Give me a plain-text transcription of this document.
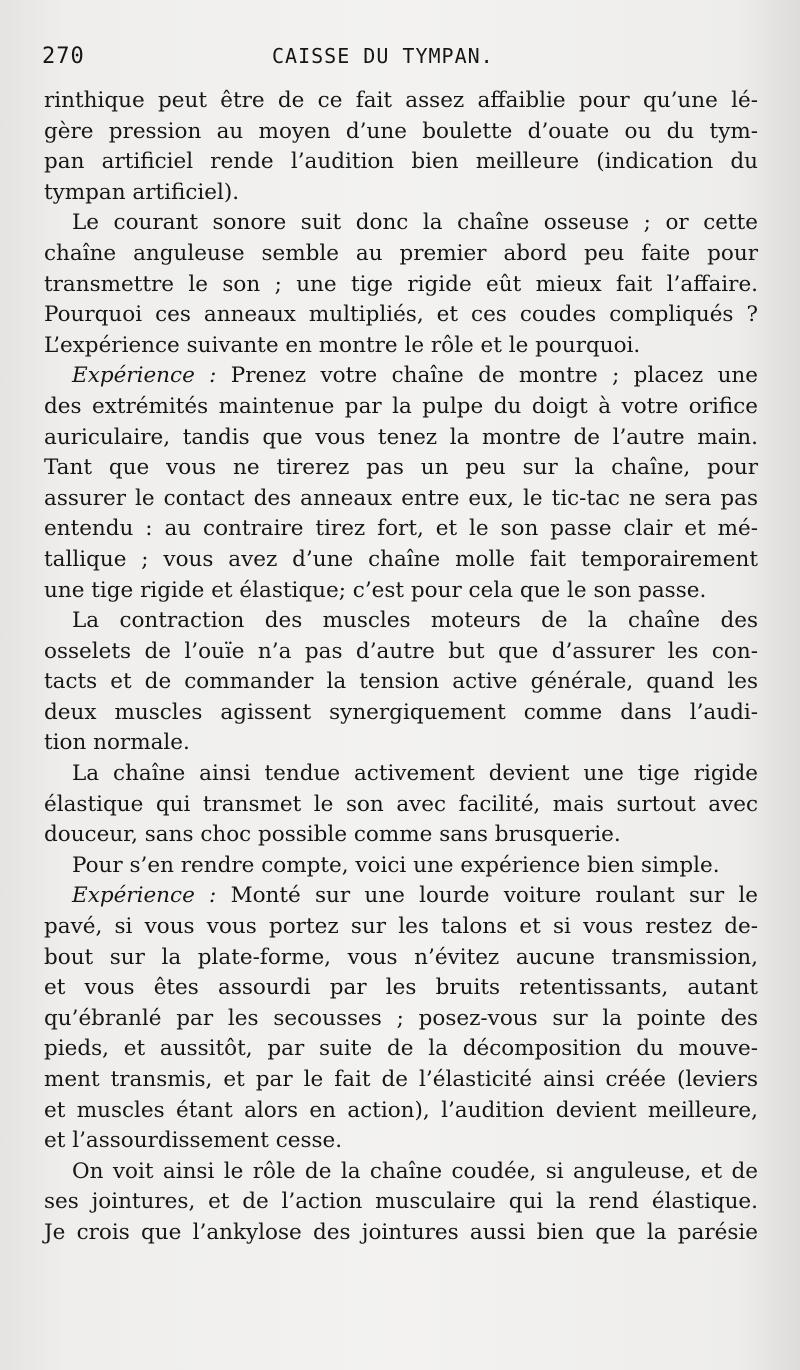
270	CAISSE DU TYMPAN.
rinthique peut être de ce fait assez affaiblie pour qu’une lé-
gère pression au moyen d’une boulette d’ouate ou du tym-
pan artificiel rende l’audition bien meilleure (indication du
tympan artificiel).
Le courant sonore suit donc la chaîne osseuse ; or cette
chaîne anguleuse semble au premier abord peu faite pour
transmettre le son ; une tige rigide eût mieux fait l’affaire.
Pourquoi ces anneaux multipliés, et ces coudes compliqués ?
L’expérience suivante en montre le rôle et le pourquoi.
Expérience : Prenez votre chaîne de montre ; placez une
des extrémités maintenue par la pulpe du doigt à votre orifice
auriculaire, tandis que vous tenez la montre de l’autre main.
Tant que vous ne tirerez pas un peu sur la chaîne, pour
assurer le contact des anneaux entre eux, le tic-tac ne sera pas
entendu : au contraire tirez fort, et le son passe clair et mé-
tallique ; vous avez d’une chaîne molle fait temporairement
une tige rigide et élastique; c’est pour cela que le son passe.
La contraction des muscles moteurs de la chaîne des
osselets de l’ouïe n’a pas d’autre but que d’assurer les con-
tacts et de commander la tension active générale, quand les
deux muscles agissent synergiquement comme dans l’audi-
tion normale.
La chaîne ainsi tendue activement devient une tige rigide
élastique qui transmet le son avec facilité, mais surtout avec
douceur, sans choc possible comme sans brusquerie.
Pour s’en rendre compte, voici une expérience bien simple.
Expérience : Monté sur une lourde voiture roulant sur le
pavé, si vous vous portez sur les talons et si vous restez de-
bout sur la plate-forme, vous n’évitez aucune transmission,
et vous êtes assourdi par les bruits retentissants, autant
qu’ébranlé par les secousses ; posez-vous sur la pointe des
pieds, et aussitôt, par suite de la décomposition du mouve-
ment transmis, et par le fait de l’élasticité ainsi créée (leviers
et muscles étant alors en action), l’audition devient meilleure,
et l’assourdissement cesse.
On voit ainsi le rôle de la chaîne coudée, si anguleuse, et de
ses jointures, et de l’action musculaire qui la rend élastique.
Je crois que l’ankylose des jointures aussi bien que la parésie
